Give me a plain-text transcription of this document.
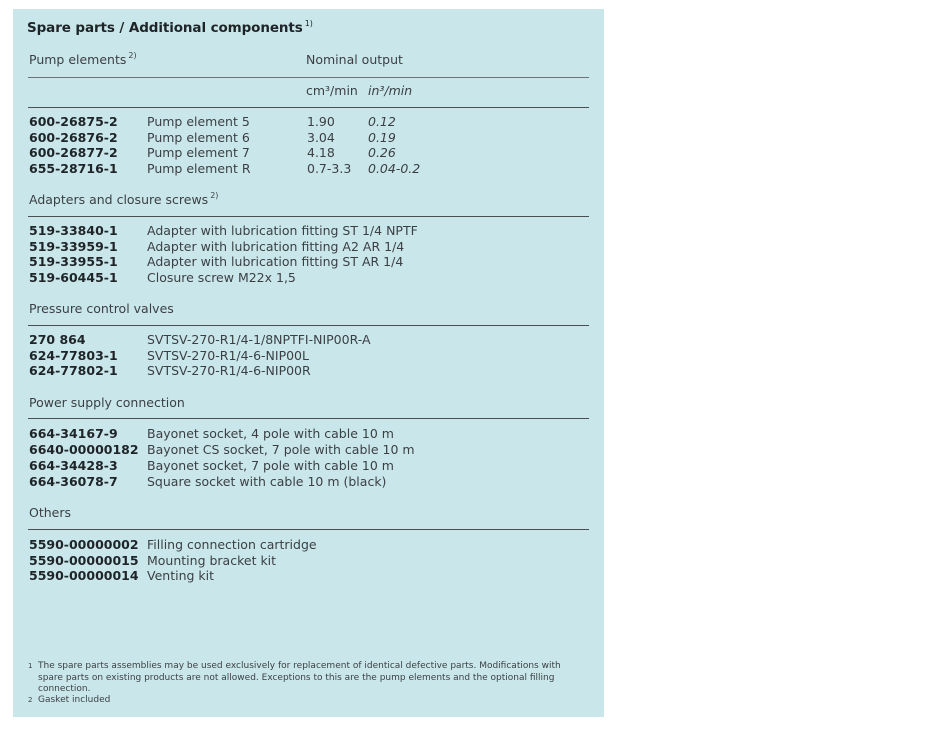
Spare parts / Additional components $^{1)}$
Pump elements $^{2)}$	Nominal output
cm³/min in³/min
600-26875-2 Pump element 5	1.90	0.12
600-26876-2 Pump element 6	3.04	0.19
600-26877-2 Pump element 7	4.18	0.26
655-28716-1 Pump element R	0.7-3.3 0.04-0.2
Adapters and closure screws $^{2)}$
519-33840-1 Adapter with lubrication fitting ST 1/4 NPTF
519-33959-1 Adapter with lubrication fitting A2 AR 1/4
519-33955-1 Adapter with lubrication fitting ST AR 1/4
519-60445-1 Closure screw M22x 1,5
Pressure control valves
270 864	SVTSV-270-R1/4-1/8NPTFI-NIP00R-A
624-77803-1 SVTSV-270-R1/4-6-NIP00L
624-77802-1 SVTSV-270-R1/4-6-NIP00R
Power supply connection
664-34167-9 Bayonet socket, 4 pole with cable 10 m
6640-00000182 Bayonet CS socket, 7 pole with cable 10 m
664-34428-3 Bayonet socket, 7 pole with cable 10 m
664-36078-7 Square socket with cable 10 m (black)
Others
5590-00000002 Filling connection cartridge
5590-00000015 Mounting bracket kit
5590-00000014 Venting kit
1 The spare parts assemblies may be used exclusively for replacement of identical defective parts. Modifications with spare parts on existing products are not allowed. Exceptions to this are the pump elements and the optional filling connection.
2 Gasket included
